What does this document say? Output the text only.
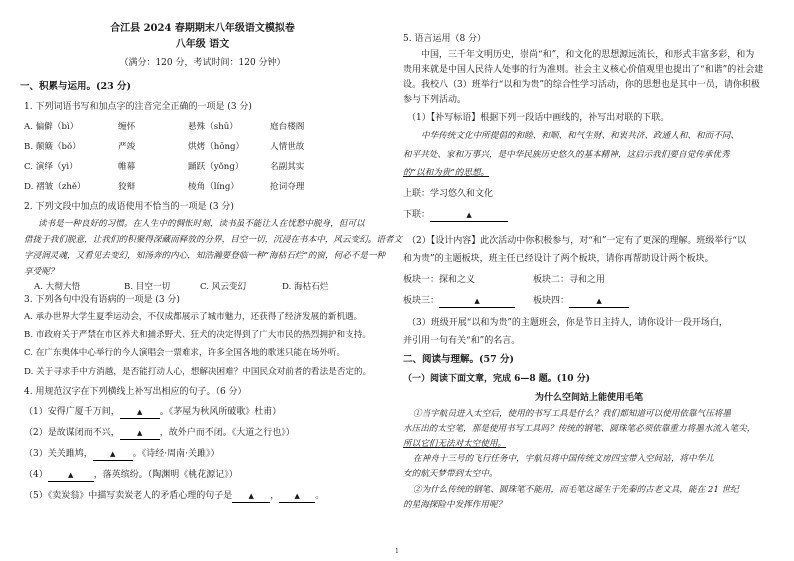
合江县 2024 春期期末八年级语文模拟卷
八年级 语文
（满分：120 分，考试时间：120 分钟）
一、积累与运用。(23 分)
1. 下列词语书写和加点字的注音完全正确的一项是 (3 分)
A. 偏僻（bì）	缠怀	悬殊（shū）	庭台楼阁
B. 颠簸（bǒ）	严竣	烘烤（hōng）	人情世故
C. 演绎（yì）	帷幕	踊跃（yǒng）	名副其实
D. 褶皱（zhě）	狡辩	棱角（líng）	抢词夺理
2. 下列文段中加点的成语使用不恰当的一项是 (3 分)
读书是一种良好的习惯。在人生中的惆怅时刻，读书虽不能让人在忧愁中脱身，但可以
借拢于我们脱意，让我们的积聚得深藏而释放的分界，目空一切，沉浸在书本中，风云变幻。语者文
字浸润灵魂，又看见去变幻，知汤奔的内心，知浩瀚要登临一种“海枯石烂”的窗，何必不是一种
享受呢？
A. 大彻大悟	B. 目空一切	C. 风云变幻	D. 海枯石烂
3. 下列各句中没有语病的一项是 (3 分)
A. 承办世界大学生夏季运动会，不仅成都展示了城市魅力，还获得了经济发展的新机遇。
B. 市政府关于严禁在市区养犬和捕杀野犬、狂犬的决定得到了广大市民的热烈拥护和支持。
C. 在广东奥体中心举行的今人演唱会一票难求，许多全国各地的歌迷只能在场外听。
D. 关于寻求手中方消越，是否能打动人心，想解决困难？中国民众对前者的看法是否定的。
4. 用规范汉字在下列横线上补写出相应的句子。（6 分）
（1）安得广厦千万间， ▲ 。《茅屋为秋风所破歌》杜甫）
（2）是故谋闭而不兴， ▲ ，故外户而不闭。《大道之行也》）
（3）关关雎鸠， ▲ 。《诗经·周南·关雎》）
（4）	▲ ，落英缤纷。（陶渊明《桃花源记》）
（5）《卖炭翁》中描写卖炭老人的矛盾心理的句子是 ▲ ， ▲ 。
5. 语言运用（8 分）
中国，三千年文明历史，崇尚“和”，和文化的思想源远流长，和形式丰富多彩，和为
贵用来就是中国人民待人处事的行为准则。社会主义核心价值观里也提出了“和谐”的社会建
设。我校八（3）班举行“以和为贵”的综合性学习活动，你的思想也是其中一员，请你积极
参与下列活动。
（1）【补写标语】根据下列一段话中画线的，补写出对联的下联。
中华传统文化中所提倡的和睦、和顺、和气生财、和衷共济、政通人和、和而不同、
和平共处、家和万事兴，是中华民族历史悠久的基本精神，这启示我们要自觉传承优秀
的“以和为贵”的思想。
上联：学习悠久和文化
下联：	▲
（2）【设计内容】此次活动中你积极参与，对“和”一定有了更深的理解。班级举行“以
和为贵”的主题板块，班主任已经设计了两个板块，请你再帮助设计两个板块。
板块一：探和之义	板块二：寻和之用
板块三：	▲	板块四：	▲
（3）班级开展“以和为贵”的主题班会，你是节日主持人，请你设计一段开场白，
并引用一句有关“和”的名言。
二、阅读与理解。(57 分)
（一）阅读下面文章，完成 6—8 题。(10 分)
为什么空间站上能使用毛笔
①当宇航员进入太空后，使用的书写工具是什么？我们都知道可以使用依靠气压将墨
水压出的太空笔，那是使用书写工具吗？传统的钢笔、圆珠笔必须依靠重力将墨水流入笔尖，
所以它们无法对太空使用。
在神舟十三号的飞行任务中，宇航员将中国传统文房四宝带入空间站，将中华儿
女的航天梦带到太空中。
②为什么传统的钢笔、圆珠笔不能用，而毛笔这诞生于先秦的古老文具，能在 21 世纪
的星海探险中发挥作用呢？
1
